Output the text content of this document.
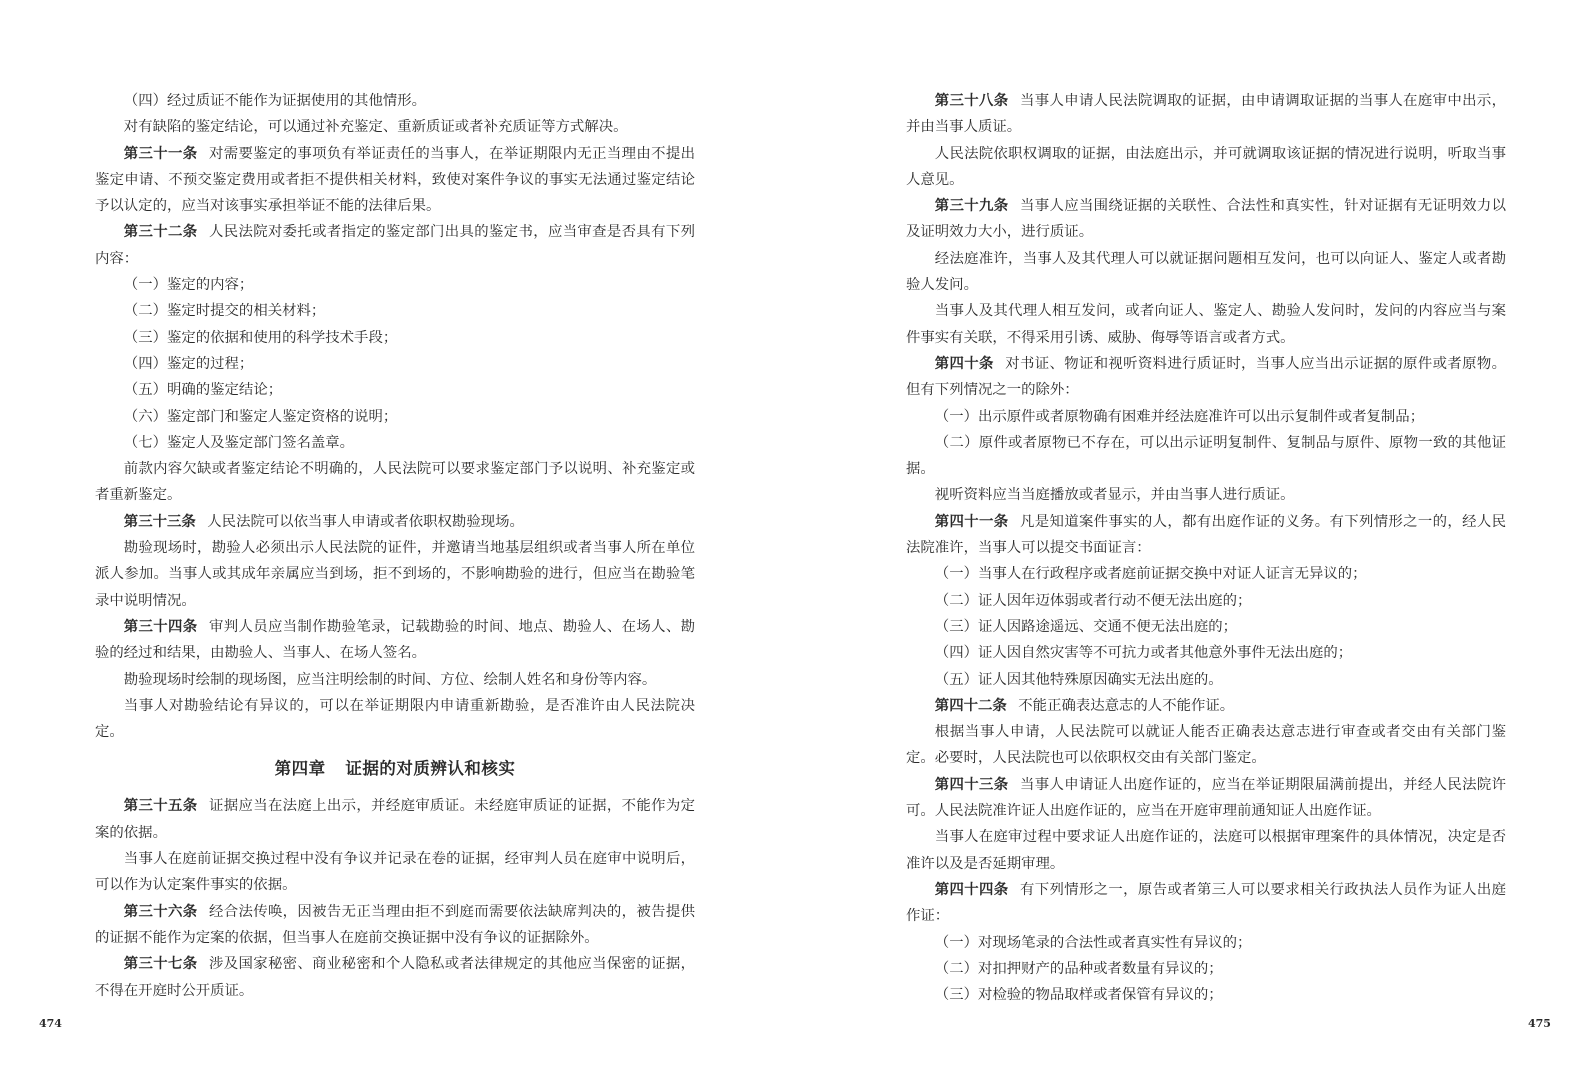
（四）经过质证不能作为证据使用的其他情形。

对有缺陷的鉴定结论，可以通过补充鉴定、重新质证或者补充质证等方式解决。

第三十一条 对需要鉴定的事项负有举证责任的当事人，在举证期限内无正当理由不提出鉴定申请、不预交鉴定费用或者拒不提供相关材料，致使对案件争议的事实无法通过鉴定结论予以认定的，应当对该事实承担举证不能的法律后果。

第三十二条 人民法院对委托或者指定的鉴定部门出具的鉴定书，应当审查是否具有下列内容：

（一）鉴定的内容；

（二）鉴定时提交的相关材料；

（三）鉴定的依据和使用的科学技术手段；

（四）鉴定的过程；

（五）明确的鉴定结论；

（六）鉴定部门和鉴定人鉴定资格的说明；

（七）鉴定人及鉴定部门签名盖章。

前款内容欠缺或者鉴定结论不明确的，人民法院可以要求鉴定部门予以说明、补充鉴定或者重新鉴定。

第三十三条 人民法院可以依当事人申请或者依职权勘验现场。

勘验现场时，勘验人必须出示人民法院的证件，并邀请当地基层组织或者当事人所在单位派人参加。当事人或其成年亲属应当到场，拒不到场的，不影响勘验的进行，但应当在勘验笔录中说明情况。

第三十四条 审判人员应当制作勘验笔录，记载勘验的时间、地点、勘验人、在场人、勘验的经过和结果，由勘验人、当事人、在场人签名。

勘验现场时绘制的现场图，应当注明绘制的时间、方位、绘制人姓名和身份等内容。

当事人对勘验结论有异议的，可以在举证期限内申请重新勘验，是否准许由人民法院决定。

第四章 证据的对质辨认和核实

第三十五条 证据应当在法庭上出示，并经庭审质证。未经庭审质证的证据，不能作为定案的依据。

当事人在庭前证据交换过程中没有争议并记录在卷的证据，经审判人员在庭审中说明后，可以作为认定案件事实的依据。

第三十六条 经合法传唤，因被告无正当理由拒不到庭而需要依法缺席判决的，被告提供的证据不能作为定案的依据，但当事人在庭前交换证据中没有争议的证据除外。

第三十七条 涉及国家秘密、商业秘密和个人隐私或者法律规定的其他应当保密的证据，不得在开庭时公开质证。

第三十八条 当事人申请人民法院调取的证据，由申请调取证据的当事人在庭审中出示，并由当事人质证。

人民法院依职权调取的证据，由法庭出示，并可就调取该证据的情况进行说明，听取当事人意见。

第三十九条 当事人应当围绕证据的关联性、合法性和真实性，针对证据有无证明效力以及证明效力大小，进行质证。

经法庭准许，当事人及其代理人可以就证据问题相互发问，也可以向证人、鉴定人或者勘验人发问。

当事人及其代理人相互发问，或者向证人、鉴定人、勘验人发问时，发问的内容应当与案件事实有关联，不得采用引诱、威胁、侮辱等语言或者方式。

第四十条 对书证、物证和视听资料进行质证时，当事人应当出示证据的原件或者原物。但有下列情况之一的除外：

（一）出示原件或者原物确有困难并经法庭准许可以出示复制件或者复制品；

（二）原件或者原物已不存在，可以出示证明复制件、复制品与原件、原物一致的其他证据。

视听资料应当当庭播放或者显示，并由当事人进行质证。

第四十一条 凡是知道案件事实的人，都有出庭作证的义务。有下列情形之一的，经人民法院准许，当事人可以提交书面证言：

（一）当事人在行政程序或者庭前证据交换中对证人证言无异议的；

（二）证人因年迈体弱或者行动不便无法出庭的；

（三）证人因路途遥远、交通不便无法出庭的；

（四）证人因自然灾害等不可抗力或者其他意外事件无法出庭的；

（五）证人因其他特殊原因确实无法出庭的。

第四十二条 不能正确表达意志的人不能作证。

根据当事人申请，人民法院可以就证人能否正确表达意志进行审查或者交由有关部门鉴定。必要时，人民法院也可以依职权交由有关部门鉴定。

第四十三条 当事人申请证人出庭作证的，应当在举证期限届满前提出，并经人民法院许可。人民法院准许证人出庭作证的，应当在开庭审理前通知证人出庭作证。

当事人在庭审过程中要求证人出庭作证的，法庭可以根据审理案件的具体情况，决定是否准许以及是否延期审理。

第四十四条 有下列情形之一，原告或者第三人可以要求相关行政执法人员作为证人出庭作证：

（一）对现场笔录的合法性或者真实性有异议的；

（二）对扣押财产的品种或者数量有异议的；

（三）对检验的物品取样或者保管有异议的；

474	475
